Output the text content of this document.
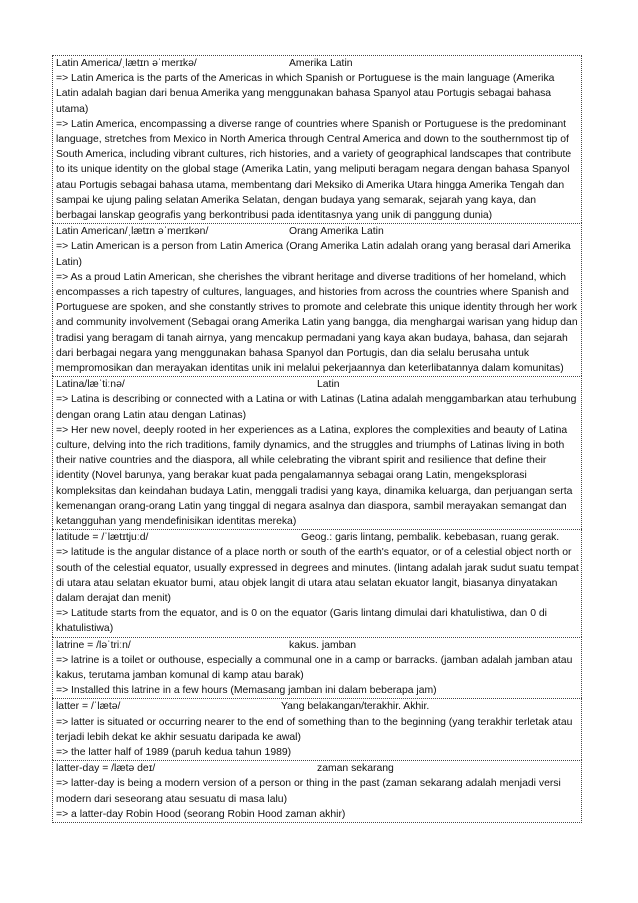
Latin America/ˌlætɪn əˈmerɪkə/	Amerika Latin

=> Latin America is the parts of the Americas in which Spanish or Portuguese is the main language (Amerika Latin adalah bagian dari benua Amerika yang menggunakan bahasa Spanyol atau Portugis sebagai bahasa utama)

=> Latin America, encompassing a diverse range of countries where Spanish or Portuguese is the predominant language, stretches from Mexico in North America through Central America and down to the southernmost tip of South America, including vibrant cultures, rich histories, and a variety of geographical landscapes that contribute to its unique identity on the global stage (Amerika Latin, yang meliputi beragam negara dengan bahasa Spanyol atau Portugis sebagai bahasa utama, membentang dari Meksiko di Amerika Utara hingga Amerika Tengah dan sampai ke ujung paling selatan Amerika Selatan, dengan budaya yang semarak, sejarah yang kaya, dan berbagai lanskap geografis yang berkontribusi pada identitasnya yang unik di panggung dunia)

Latin American/ˌlætɪn əˈmerɪkən/	Orang Amerika Latin

=> Latin American is a person from Latin America (Orang Amerika Latin adalah orang yang berasal dari Amerika Latin)

=> As a proud Latin American, she cherishes the vibrant heritage and diverse traditions of her homeland, which encompasses a rich tapestry of cultures, languages, and histories from across the countries where Spanish and Portuguese are spoken, and she constantly strives to promote and celebrate this unique identity through her work and community involvement (Sebagai orang Amerika Latin yang bangga, dia menghargai warisan yang hidup dan tradisi yang beragam di tanah airnya, yang mencakup permadani yang kaya akan budaya, bahasa, dan sejarah dari berbagai negara yang menggunakan bahasa Spanyol dan Portugis, dan dia selalu berusaha untuk mempromosikan dan merayakan identitas unik ini melalui pekerjaannya dan keterlibatannya dalam komunitas)

Latina/læˈtiːnə/	Latin

=> Latina is describing or connected with a Latina or with Latinas (Latina adalah menggambarkan atau terhubung dengan orang Latin atau dengan Latinas)

=> Her new novel, deeply rooted in her experiences as a Latina, explores the complexities and beauty of Latina culture, delving into the rich traditions, family dynamics, and the struggles and triumphs of Latinas living in both their native countries and the diaspora, all while celebrating the vibrant spirit and resilience that define their identity (Novel barunya, yang berakar kuat pada pengalamannya sebagai orang Latin, mengeksplorasi kompleksitas dan keindahan budaya Latin, menggali tradisi yang kaya, dinamika keluarga, dan perjuangan serta kemenangan orang-orang Latin yang tinggal di negara asalnya dan diaspora, sambil merayakan semangat dan ketangguhan yang mendefinisikan identitas mereka)

latitude = /ˈlætɪtjuːd/	Geog.: garis lintang, pembalik. kebebasan, ruang gerak.

=> latitude is the angular distance of a place north or south of the earth's equator, or of a celestial object north or south of the celestial equator, usually expressed in degrees and minutes. (lintang adalah jarak sudut suatu tempat di utara atau selatan ekuator bumi, atau objek langit di utara atau selatan ekuator langit, biasanya dinyatakan dalam derajat dan menit)

=> Latitude starts from the equator, and is 0 on the equator (Garis lintang dimulai dari khatulistiwa, dan 0 di khatulistiwa)

latrine = /ləˈtriːn/	kakus. jamban

=> latrine is a toilet or outhouse, especially a communal one in a camp or barracks. (jamban adalah jamban atau kakus, terutama jamban komunal di kamp atau barak)

=> Installed this latrine in a few hours (Memasang jamban ini dalam beberapa jam)

latter = /ˈlætə/	Yang belakangan/terakhir. Akhir.

=> latter is situated or occurring nearer to the end of something than to the beginning (yang terakhir terletak atau terjadi lebih dekat ke akhir sesuatu daripada ke awal)

=> the latter half of 1989 (paruh kedua tahun 1989)

latter-day = /lætə deɪ/	zaman sekarang

=> latter-day is being a modern version of a person or thing in the past (zaman sekarang adalah menjadi versi modern dari seseorang atau sesuatu di masa lalu)

=> a latter-day Robin Hood (seorang Robin Hood zaman akhir)
